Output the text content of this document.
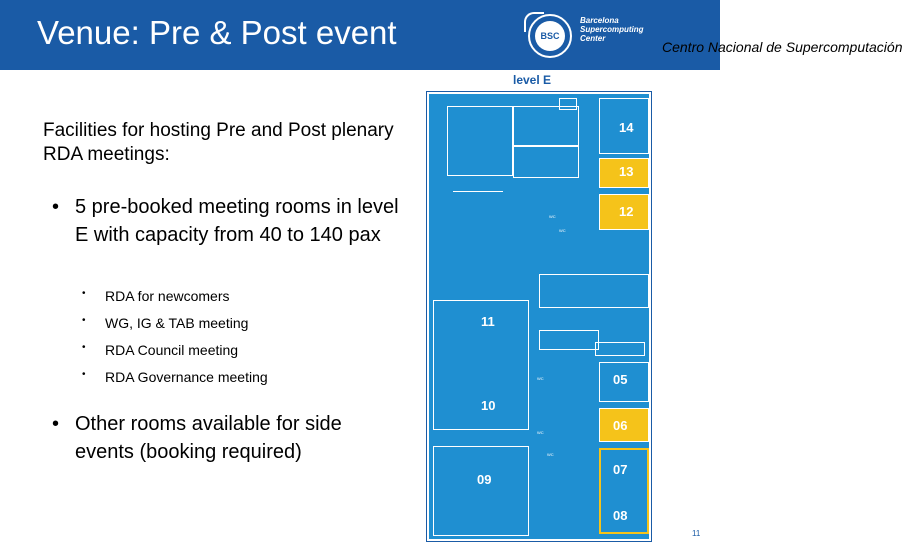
Venue: Pre & Post event	BSC
Barcelona
Supercomputing
Center
Centro Nacional de Supercomputación
level E
Facilities for hosting Pre and Post plenary RDA meetings:
• 5 pre-booked meeting rooms in level E with capacity from 40 to 140 pax
• RDA for newcomers
• WG, IG & TAB meeting
• RDA Council meeting
• RDA Governance meeting
• Other rooms available for side events (booking required)
14
13
12
WC
WC
11
10
WC	05
06
WC
WC
07
08
09
11
